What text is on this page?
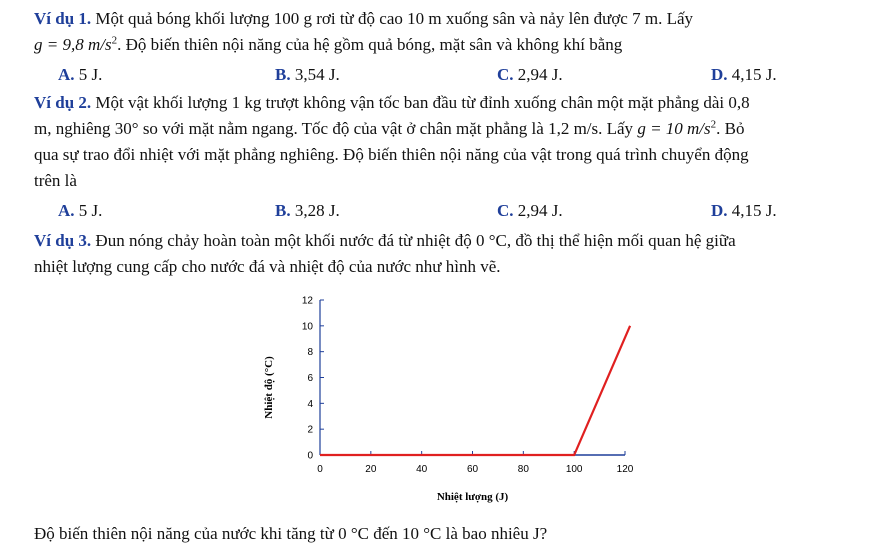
Ví dụ 1. Một quả bóng khối lượng 100 g rơi từ độ cao 10 m xuống sân và nảy lên được 7 m. Lấy
g = 9,8 $m/s^2$. Độ biến thiên nội năng của hệ gồm quả bóng, mặt sân và không khí bằng
A. 5 J.	B. 3,54 J.	C. 2,94 J.	D. 4,15 J.
Ví dụ 2. Một vật khối lượng 1 kg trượt không vận tốc ban đầu từ đỉnh xuống chân một mặt phẳng dài 0,8
m, nghiêng 30° so với mặt nằm ngang. Tốc độ của vật ở chân mặt phẳng là 1,2 m/s. Lấy g = 10 $m/s^2$. Bỏ
qua sự trao đổi nhiệt với mặt phẳng nghiêng. Độ biến thiên nội năng của vật trong quá trình chuyển động
trên là
A. 5 J.	B. 3,28 J.	C. 2,94 J.	D. 4,15 J.
Ví dụ 3. Đun nóng chảy hoàn toàn một khối nước đá từ nhiệt độ 0 °C, đồ thị thể hiện mối quan hệ giữa
nhiệt lượng cung cấp cho nước đá và nhiệt độ của nước như hình vẽ.
0	20	40	60	80	100	120
0
2
4
6
8
10
12
Nhiệt lượng (J)
Nhiệt độ (°C)
Độ biến thiên nội năng của nước khi tăng từ 0 °C đến 10 °C là bao nhiêu J?
